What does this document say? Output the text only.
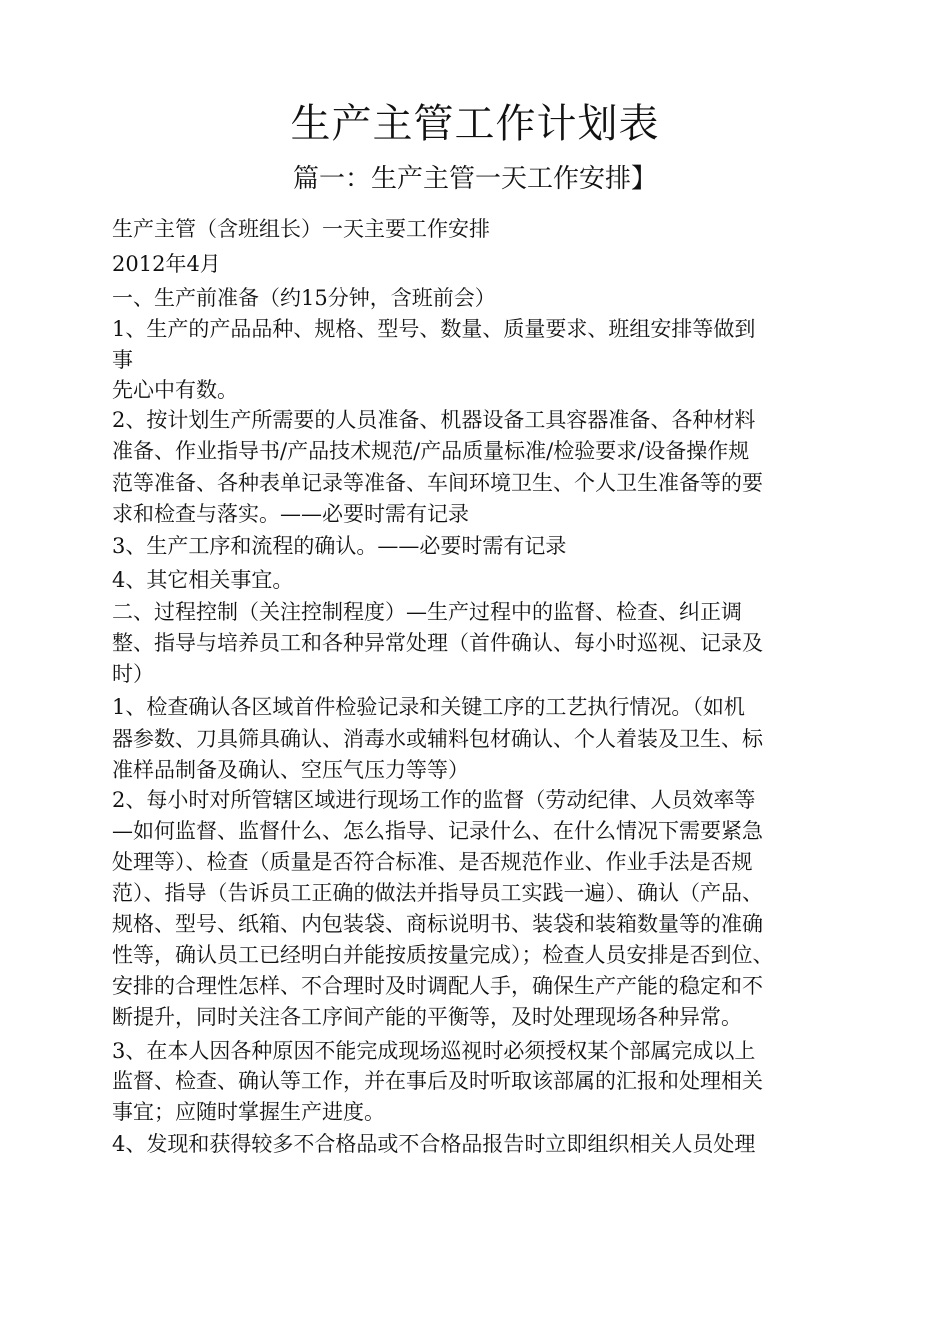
生产主管工作计划表
篇一：生产主管一天工作安排】
生产主管（含班组长）一天主要工作安排
2012年4月
一、生产前准备（约15分钟，含班前会）
1、生产的产品品种、规格、型号、数量、质量要求、班组安排等做到
事
先心中有数。
2、按计划生产所需要的人员准备、机器设备工具容器准备、各种材料
准备、作业指导书/产品技术规范/产品质量标准/检验要求/设备操作规
范等准备、各种表单记录等准备、车间环境卫生、个人卫生准备等的要
求和检查与落实。——必要时需有记录
3、生产工序和流程的确认。——必要时需有记录
4、其它相关事宜。
二、过程控制（关注控制程度）—生产过程中的监督、检查、纠正调
整、指导与培养员工和各种异常处理（首件确认、每小时巡视、记录及
时）
1、检查确认各区域首件检验记录和关键工序的工艺执行情况。（如机
器参数、刀具筛具确认、消毒水或辅料包材确认、个人着装及卫生、标
准样品制备及确认、空压气压力等等）
2、每小时对所管辖区域进行现场工作的监督（劳动纪律、人员效率等
—如何监督、监督什么、怎么指导、记录什么、在什么情况下需要紧急
处理等）、检查（质量是否符合标准、是否规范作业、作业手法是否规
范）、指导（告诉员工正确的做法并指导员工实践一遍）、确认（产品、
规格、型号、纸箱、内包装袋、商标说明书、装袋和装箱数量等的准确
性等，确认员工已经明白并能按质按量完成）；检查人员安排是否到位、
安排的合理性怎样、不合理时及时调配人手，确保生产产能的稳定和不
断提升，同时关注各工序间产能的平衡等，及时处理现场各种异常。
3、在本人因各种原因不能完成现场巡视时必须授权某个部属完成以上
监督、检查、确认等工作，并在事后及时听取该部属的汇报和处理相关
事宜；应随时掌握生产进度。
4、发现和获得较多不合格品或不合格品报告时立即组织相关人员处理
